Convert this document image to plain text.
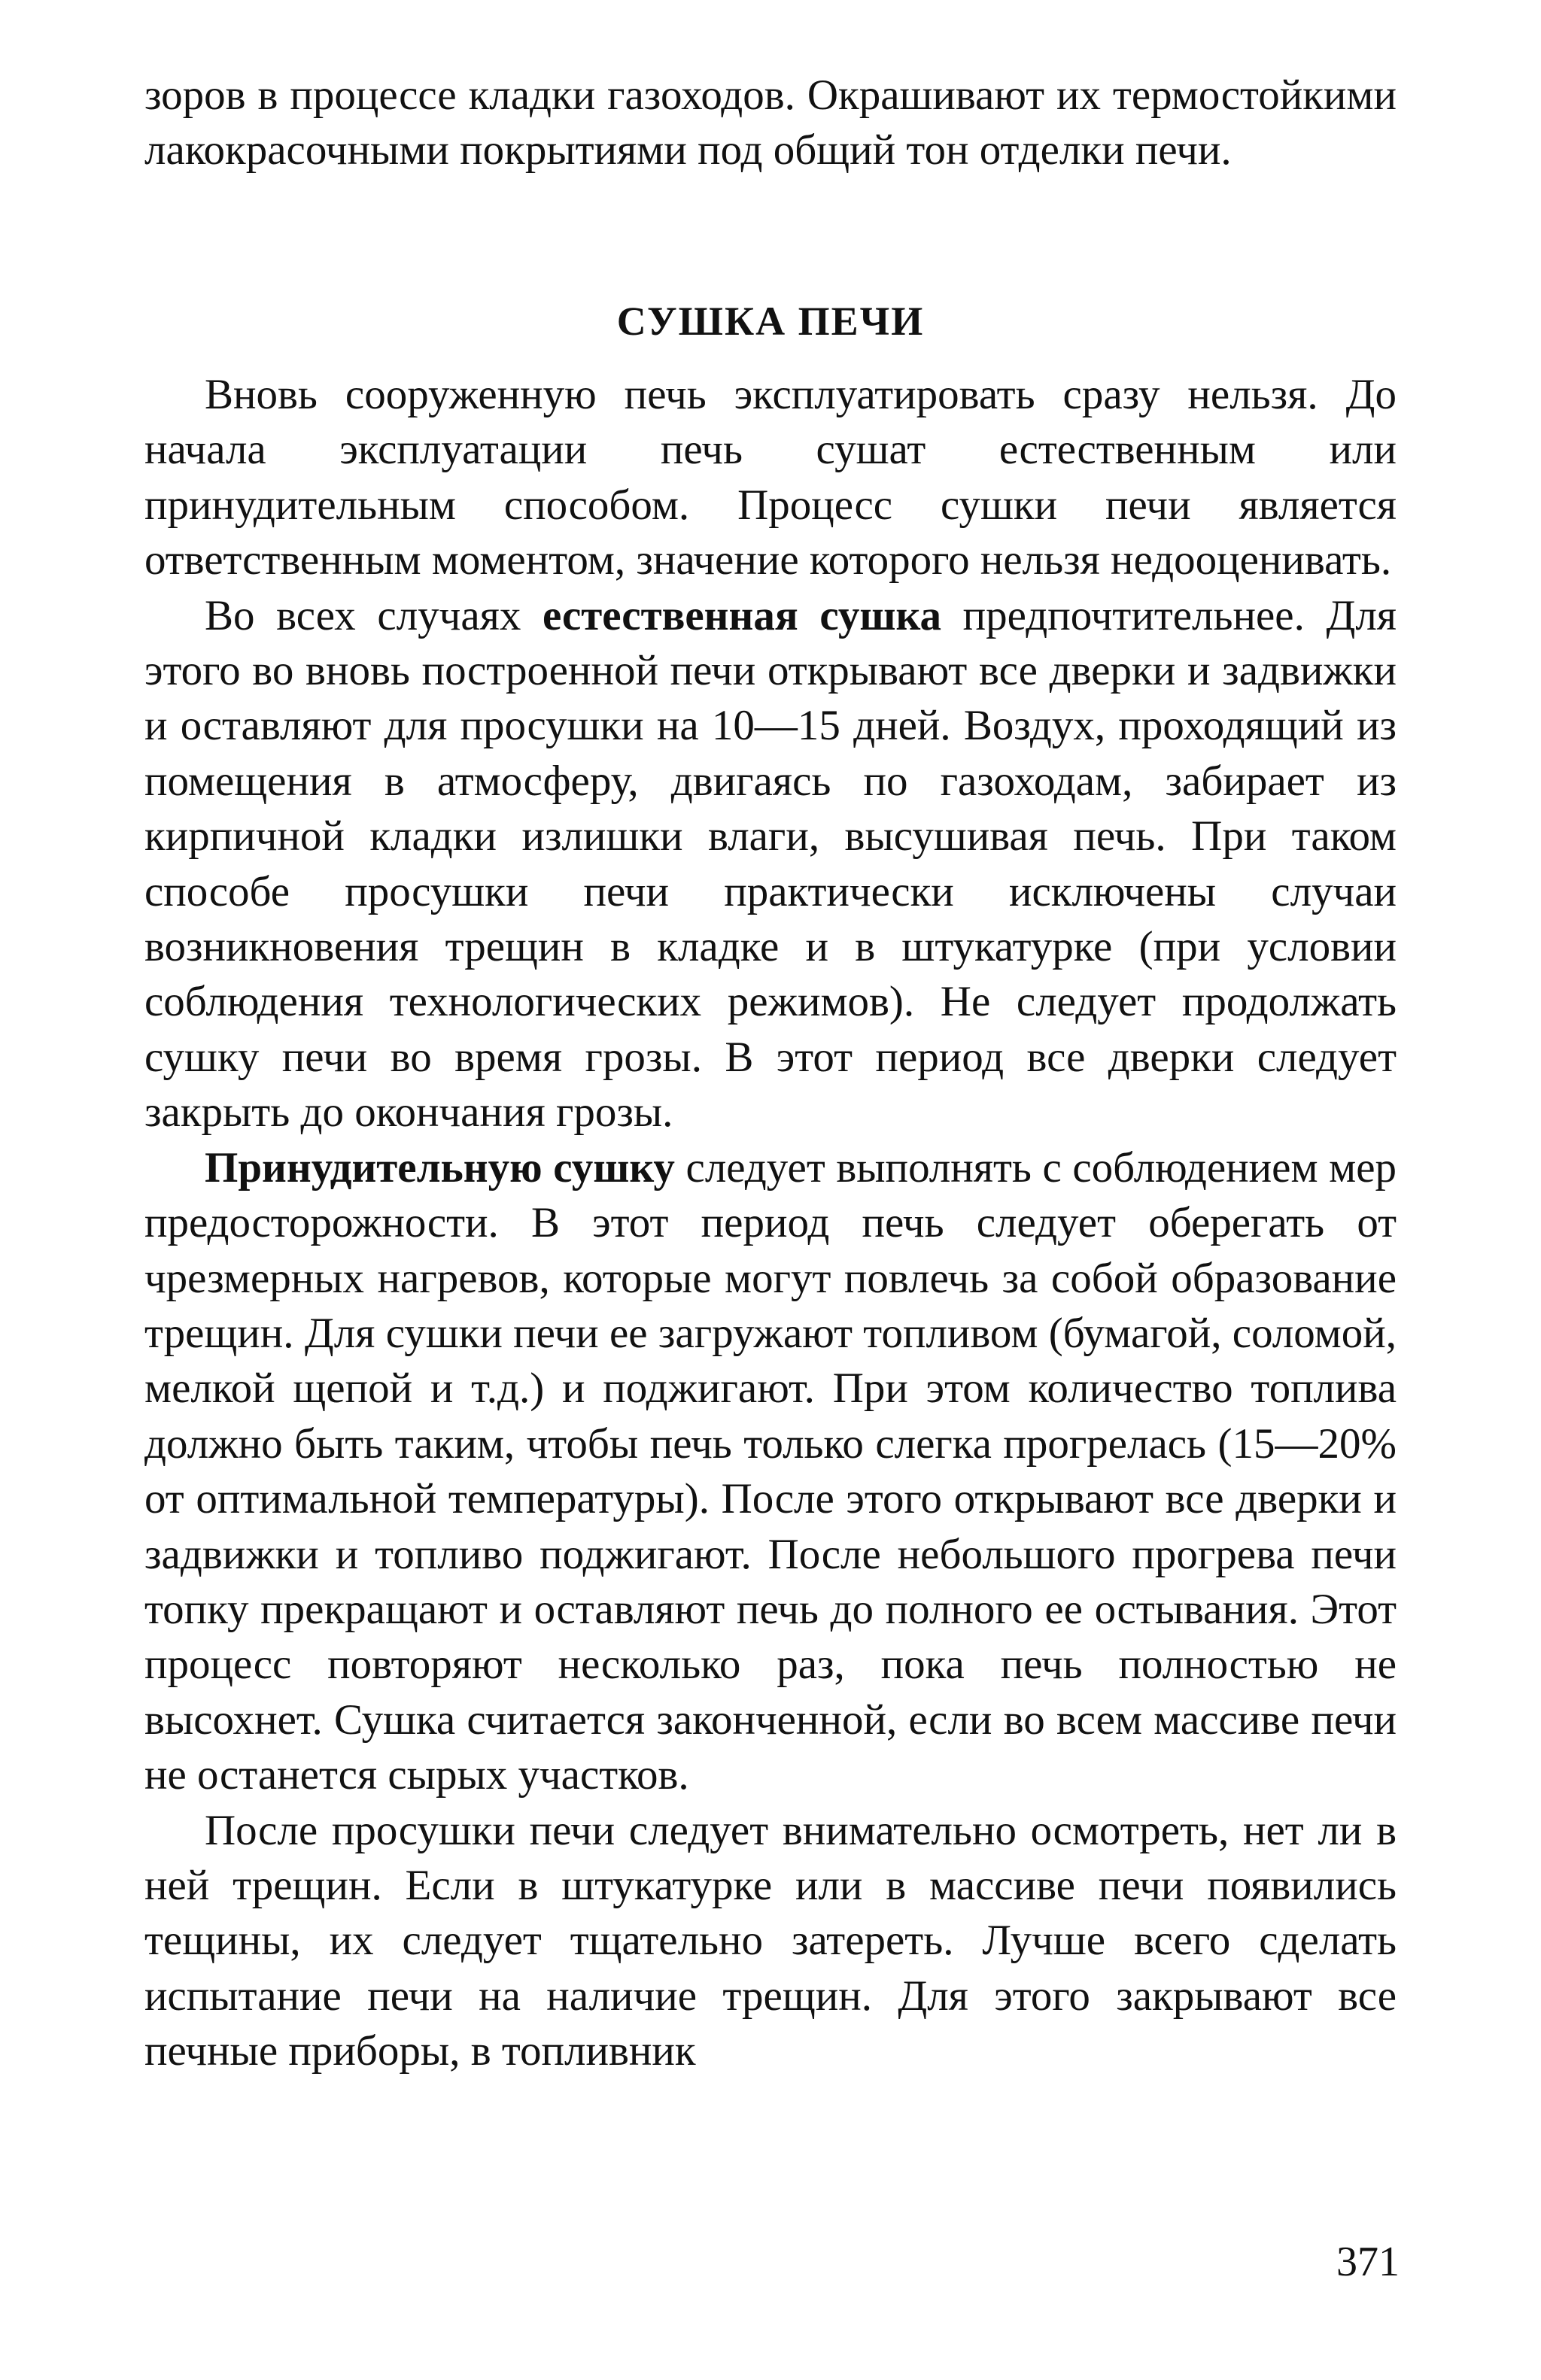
зоров в процессе кладки газоходов. Окрашивают их термостойкими лакокрасочными покрытиями под общий тон отделки печи.

СУШКА ПЕЧИ

Вновь сооруженную печь эксплуатировать сразу нельзя. До начала эксплуатации печь сушат естественным или принудительным способом. Процесс сушки печи является ответственным моментом, значение которого нельзя недооценивать.

Во всех случаях естественная сушка предпочтительнее. Для этого во вновь построенной печи открывают все дверки и задвижки и оставляют для просушки на 10—15 дней. Воздух, проходящий из помещения в атмосферу, двигаясь по газоходам, забирает из кирпичной кладки излишки влаги, высушивая печь. При таком способе просушки печи практически исключены случаи возникновения трещин в кладке и в штукатурке (при условии соблюдения технологических режимов). Не следует продолжать сушку печи во время грозы. В этот период все дверки следует закрыть до окончания грозы.

Принудительную сушку следует выполнять с соблюдением мер предосторожности. В этот период печь следует оберегать от чрезмерных нагревов, которые могут повлечь за собой образование трещин. Для сушки печи ее загружают топливом (бумагой, соломой, мелкой щепой и т.д.) и поджигают. При этом количество топлива должно быть таким, чтобы печь только слегка прогрелась (15—20% от оптимальной температуры). После этого открывают все дверки и задвижки и топливо поджигают. После небольшого прогрева печи топку прекращают и оставляют печь до полного ее остывания. Этот процесс повторяют несколько раз, пока печь полностью не высохнет. Сушка считается законченной, если во всем массиве печи не останется сырых участков.

После просушки печи следует внимательно осмотреть, нет ли в ней трещин. Если в штукатурке или в массиве печи появились тещины, их следует тщательно затереть. Лучше всего сделать испытание печи на наличие трещин. Для этого закрывают все печные приборы, в топливник

371
